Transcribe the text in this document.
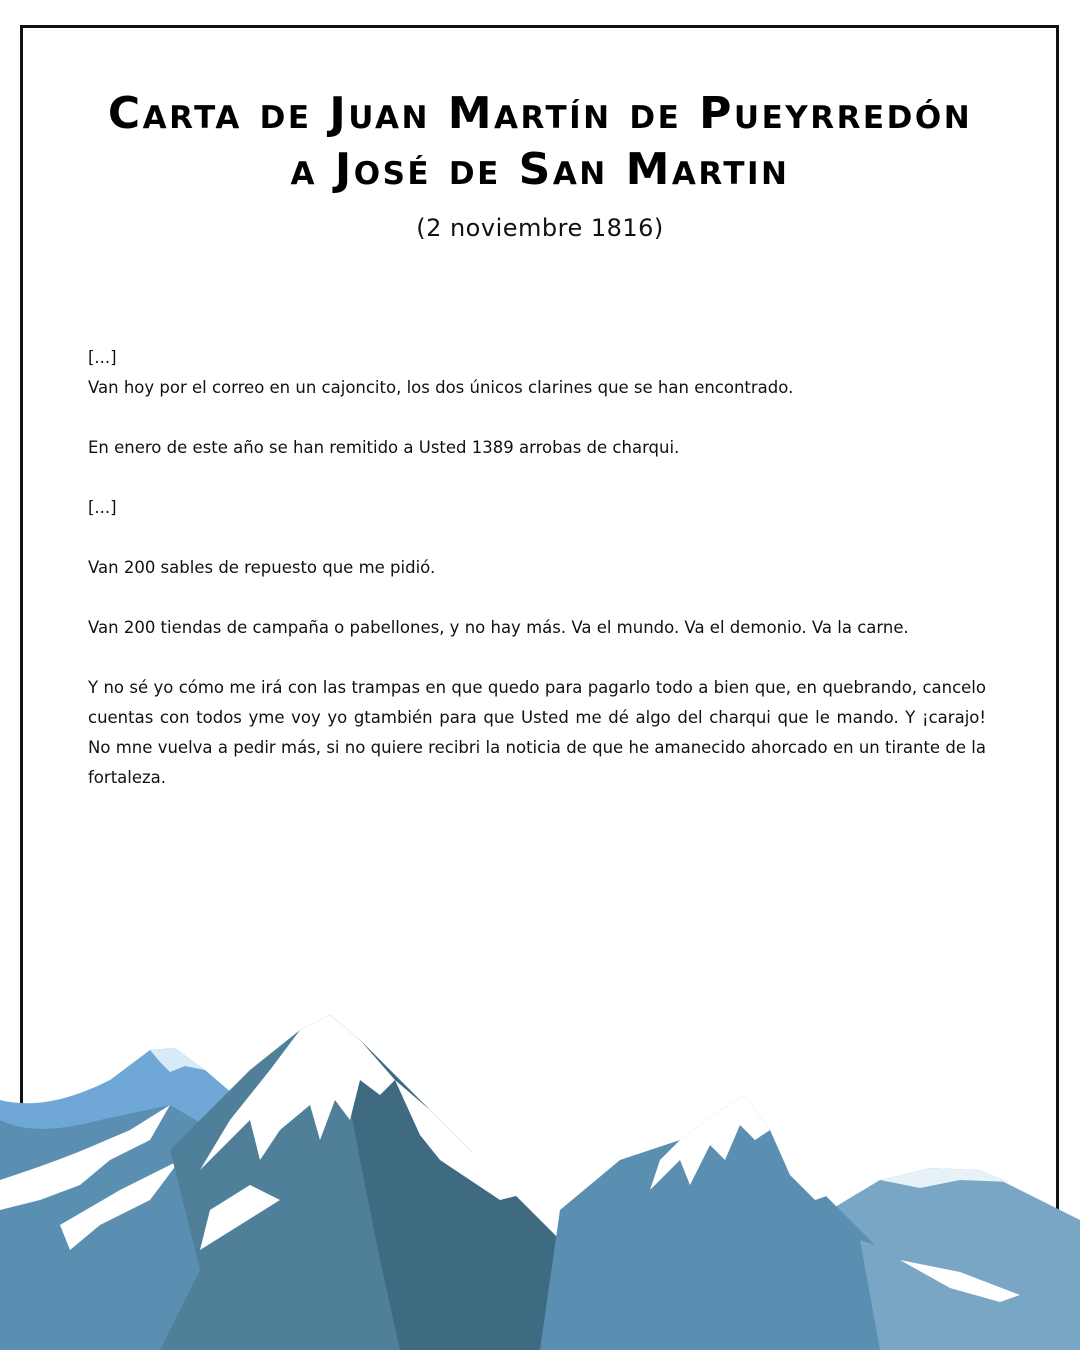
Carta de Juan Martín de Pueyrredón
a José de San Martin
(2 noviembre 1816)

[...]

Van hoy por el correo en un cajoncito, los dos únicos clarines que se han encontrado.

En enero de este año se han remitido a Usted 1389 arrobas de charqui.

[...]

Van 200 sables de repuesto que me pidió.

Van 200 tiendas de campaña o pabellones, y no hay más. Va el mundo. Va el demonio. Va la carne.

Y no sé yo cómo me irá con las trampas en que quedo para pagarlo todo a bien que, en quebrando, cancelo cuentas con todos yme voy yo gtambién para que Usted me dé algo del charqui que le mando. Y ¡carajo! No mne vuelva a pedir más, si no quiere recibri la noticia de que he amanecido ahorcado en un tirante de la fortaleza.
